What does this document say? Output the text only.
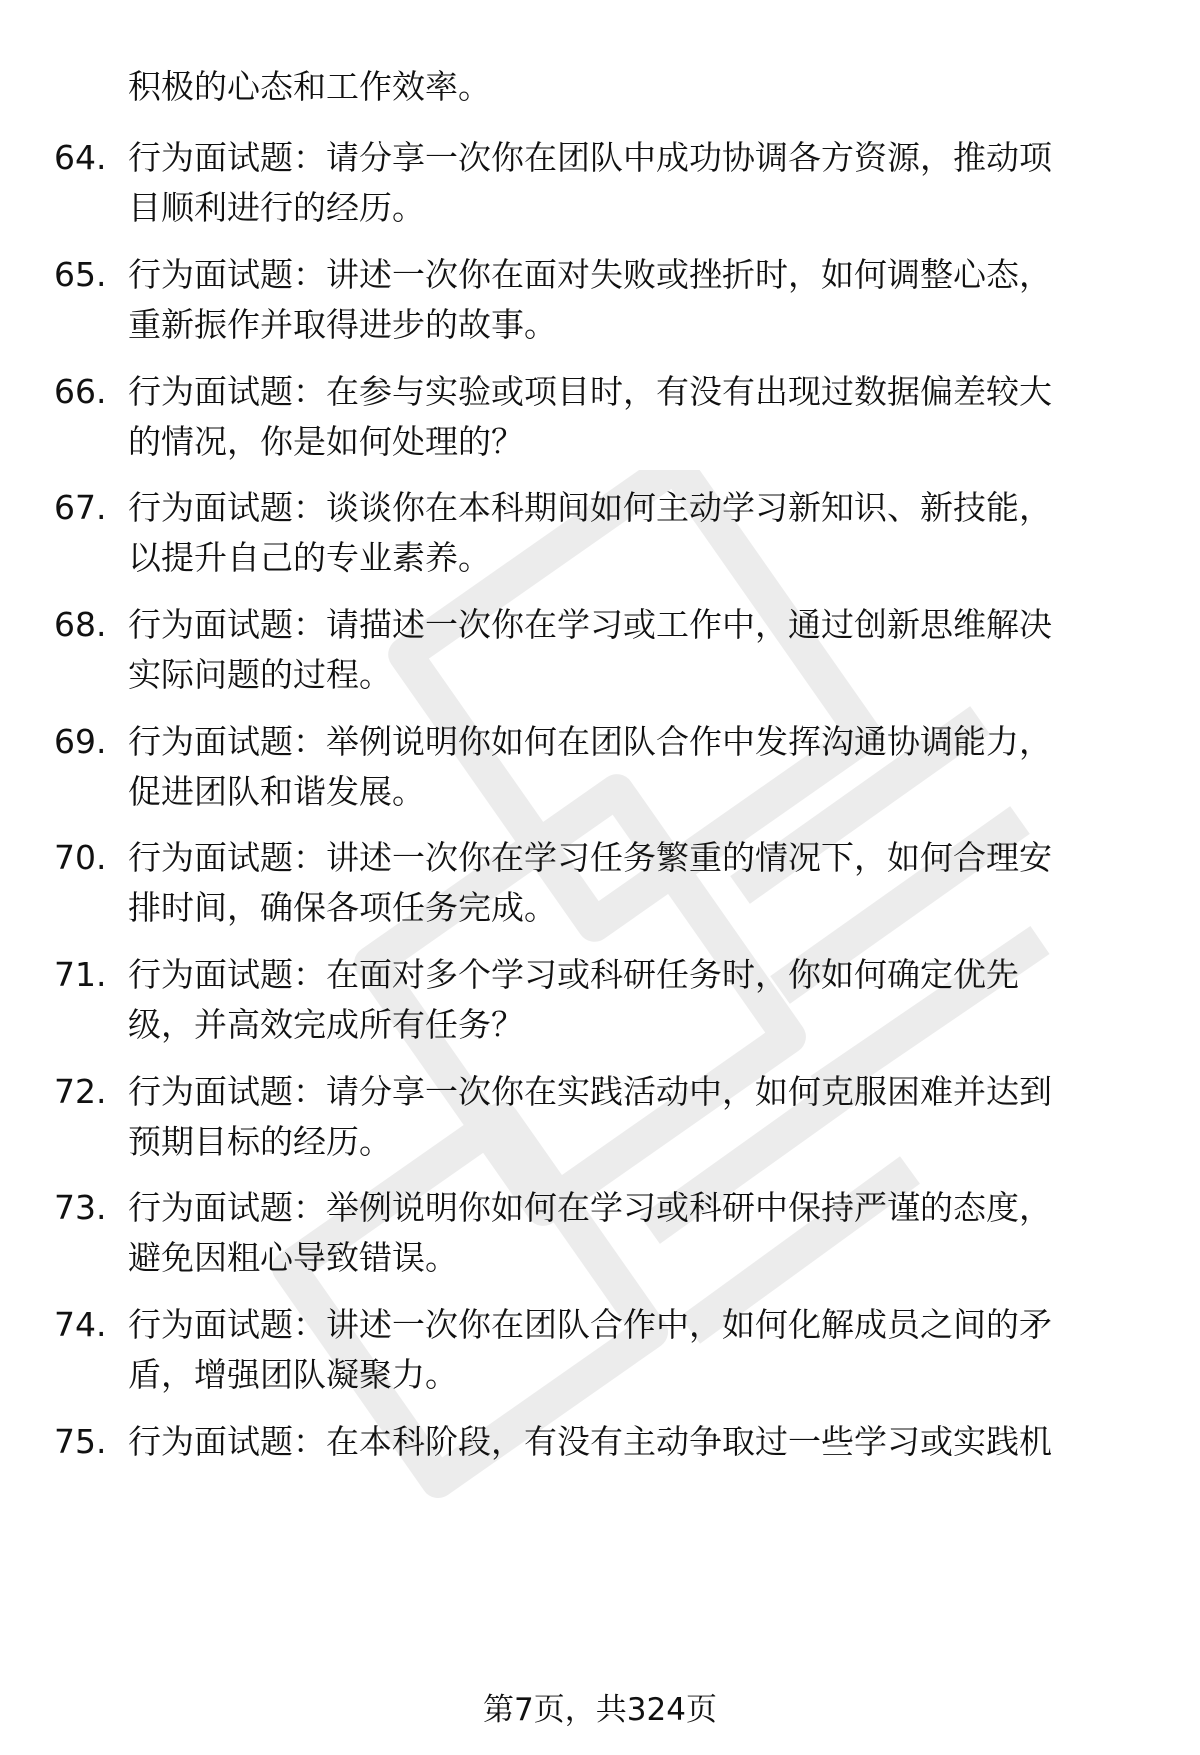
积极的心态和工作效率。
64. 行为面试题：请分享一次你在团队中成功协调各方资源，推动项
目顺利进行的经历。
65. 行为面试题：讲述一次你在面对失败或挫折时，如何调整心态，
重新振作并取得进步的故事。
66. 行为面试题：在参与实验或项目时，有没有出现过数据偏差较大
的情况，你是如何处理的？
67. 行为面试题：谈谈你在本科期间如何主动学习新知识、新技能，
以提升自己的专业素养。
68. 行为面试题：请描述一次你在学习或工作中，通过创新思维解决
实际问题的过程。
69. 行为面试题：举例说明你如何在团队合作中发挥沟通协调能力，
促进团队和谐发展。
70. 行为面试题：讲述一次你在学习任务繁重的情况下，如何合理安
排时间，确保各项任务完成。
71. 行为面试题：在面对多个学习或科研任务时，你如何确定优先
级，并高效完成所有任务？
72. 行为面试题：请分享一次你在实践活动中，如何克服困难并达到
预期目标的经历。
73. 行为面试题：举例说明你如何在学习或科研中保持严谨的态度，
避免因粗心导致错误。
74. 行为面试题：讲述一次你在团队合作中，如何化解成员之间的矛
盾，增强团队凝聚力。
75. 行为面试题：在本科阶段，有没有主动争取过一些学习或实践机
第7页，共324页
